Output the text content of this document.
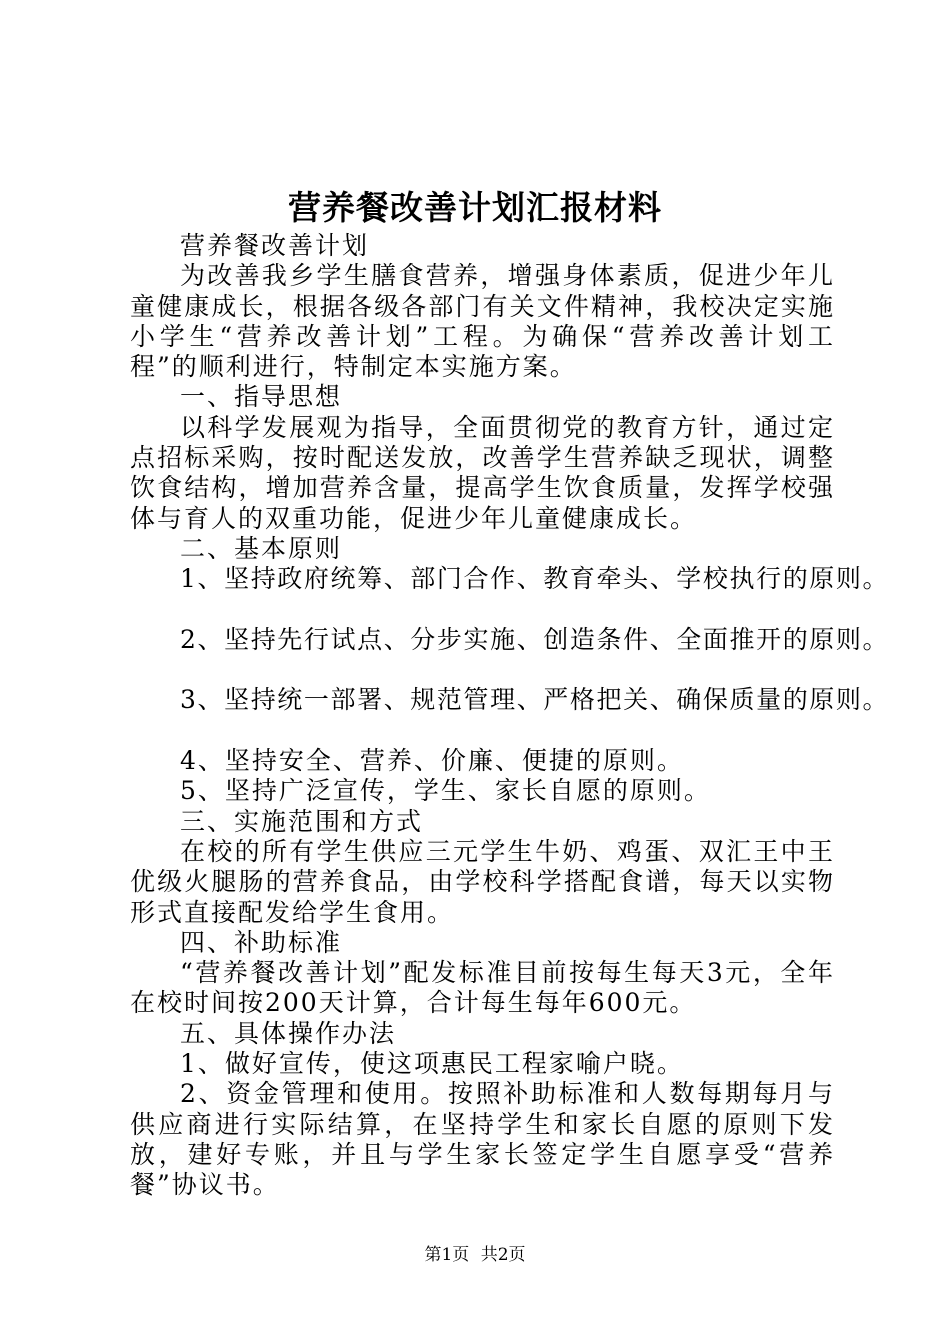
营养餐改善计划汇报材料

营养餐改善计划

为改善我乡学生膳食营养，增强身体素质，促进少年儿童健康成长，根据各级各部门有关文件精神，我校决定实施小学生“营养改善计划”工程。为确保“营养改善计划工程”的顺利进行，特制定本实施方案。

一、指导思想

以科学发展观为指导，全面贯彻党的教育方针，通过定点招标采购，按时配送发放，改善学生营养缺乏现状，调整饮食结构，增加营养含量，提高学生饮食质量，发挥学校强体与育人的双重功能，促进少年儿童健康成长。

二、基本原则

1、坚持政府统筹、部门合作、教育牵头、学校执行的原则。

2、坚持先行试点、分步实施、创造条件、全面推开的原则。

3、坚持统一部署、规范管理、严格把关、确保质量的原则。

4、坚持安全、营养、价廉、便捷的原则。

5、坚持广泛宣传，学生、家长自愿的原则。

三、实施范围和方式

在校的所有学生供应三元学生牛奶、鸡蛋、双汇王中王优级火腿肠的营养食品，由学校科学搭配食谱，每天以实物形式直接配发给学生食用。

四、补助标准

“营养餐改善计划”配发标准目前按每生每天3元，全年在校时间按200天计算，合计每生每年600元。

五、具体操作办法

1、做好宣传，使这项惠民工程家喻户晓。

2、资金管理和使用。按照补助标准和人数每期每月与供应商进行实际结算，在坚持学生和家长自愿的原则下发放，建好专账，并且与学生家长签定学生自愿享受“营养餐”协议书。

第1页 共2页
